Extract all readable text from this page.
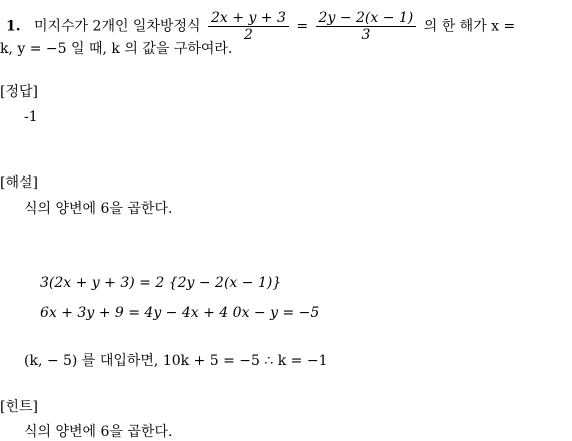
1. 미지수가 2개인 일차방정식 $\frac{2x + y + 3}{2} = \frac{2y - 2(x - 1)}{3}$ 의 한 해가 x =
k, y = −5 일 때, k 의 값을 구하여라.
[정답]
-1
[해설]
식의 양변에 6을 곱한다.
3(2x + y + 3) = 2 {2y − 2(x − 1)}
6x + 3y + 9 = 4y − 4x + 4 0x − y = −5
(k, − 5) 를 대입하면, 10k + 5 = −5 ∴ k = −1
[힌트]
식의 양변에 6을 곱한다.
